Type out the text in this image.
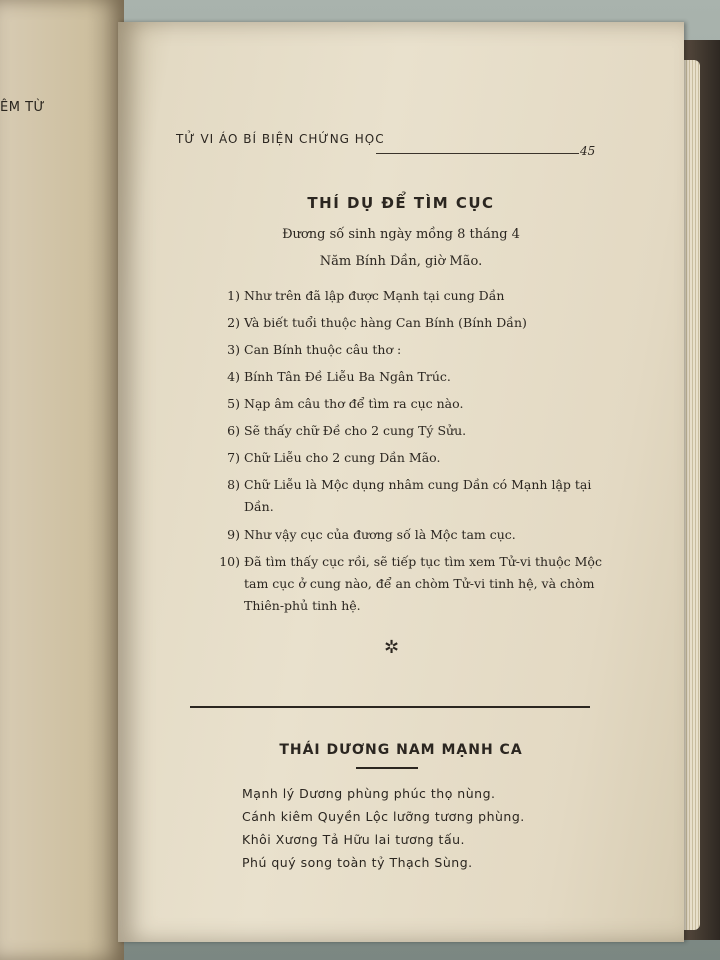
ÊM TỪ
TỬ VI ÁO BÍ BIỆN CHỨNG HỌC
45
THÍ DỤ ĐỂ TÌM CỤC
Đương số sinh ngày mồng 8 tháng 4
Năm Bính Dần, giờ Mão.
1) Như trên đã lập được Mạnh tại cung Dần
2) Và biết tuổi thuộc hàng Can Bính (Bính Dần)
3) Can Bính thuộc câu thơ :
4) Bính Tân Đề Liễu Ba Ngân Trúc.
5) Nạp âm câu thơ để tìm ra cục nào.
6) Sẽ thấy chữ Đề cho 2 cung Tý Sửu.
7) Chữ Liễu cho 2 cung Dần Mão.
8) Chữ Liễu là Mộc dụng nhâm cung Dần có Mạnh lập tại Dần.
9) Như vậy cục của đương số là Mộc tam cục.
10) Đã tìm thấy cục rồi, sẽ tiếp tục tìm xem Tử-vi thuộc Mộc tam cục ở cung nào, để an chòm Tử-vi tinh hệ, và chòm Thiên-phủ tinh hệ.
✲
THÁI DƯƠNG NAM MẠNH CA
Mạnh lý Dương phùng phúc thọ nùng.
Cánh kiêm Quyền Lộc lưỡng tương phùng.
Khôi Xương Tả Hữu lai tương tấu.
Phú quý song toàn tỷ Thạch Sùng.
